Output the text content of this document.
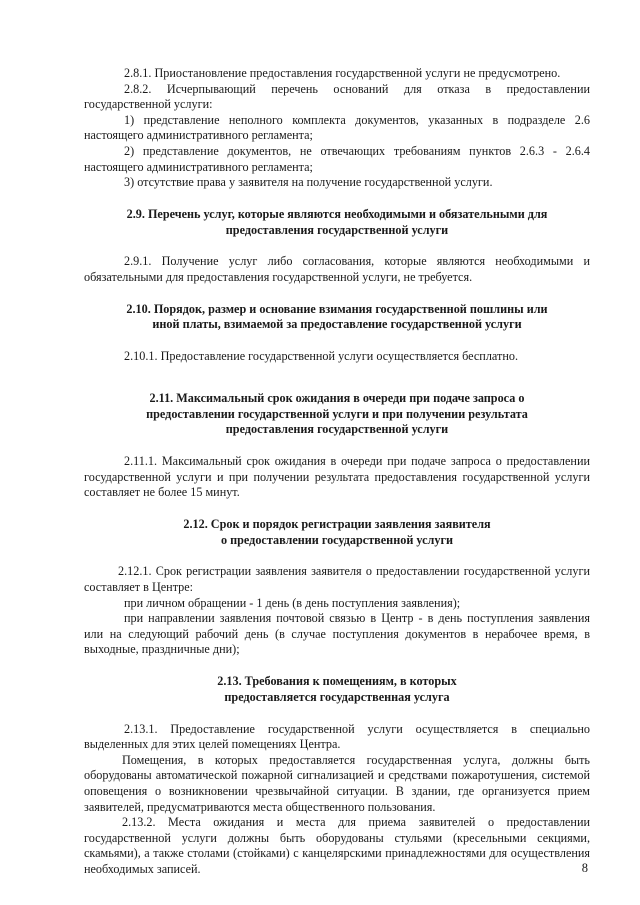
2.8.1. Приостановление предоставления государственной услуги не предусмотрено.

2.8.2. Исчерпывающий перечень оснований для отказа в предоставлении государственной услуги:

1) представление неполного комплекта документов, указанных в подразделе 2.6 настоящего административного регламента;

2) представление документов, не отвечающих требованиям пунктов 2.6.3 - 2.6.4 настоящего административного регламента;

3) отсутствие права у заявителя на получение государственной услуги.

2.9. Перечень услуг, которые являются необходимыми и обязательными для

предоставления государственной услуги

2.9.1. Получение услуг либо согласования, которые являются необходимыми и обязательными для предоставления государственной услуги, не требуется.

2.10. Порядок, размер и основание взимания государственной пошлины или

иной платы, взимаемой за предоставление государственной услуги

2.10.1. Предоставление государственной услуги осуществляется бесплатно.

2.11. Максимальный срок ожидания в очереди при подаче запроса о

предоставлении государственной услуги и при получении результата

предоставления государственной услуги

2.11.1. Максимальный срок ожидания в очереди при подаче запроса о предоставлении государственной услуги и при получении результата предоставления государственной услуги составляет не более 15 минут.

2.12. Срок и порядок регистрации заявления заявителя

о предоставлении государственной услуги

2.12.1. Срок регистрации заявления заявителя о предоставлении государственной услуги составляет в Центре:

при личном обращении - 1 день (в день поступления заявления);

при направлении заявления почтовой связью в Центр - в день поступления заявления или на следующий рабочий день (в случае поступления документов в нерабочее время, в выходные, праздничные дни);

2.13. Требования к помещениям, в которых

предоставляется государственная услуга

2.13.1. Предоставление государственной услуги осуществляется в специально выделенных для этих целей помещениях Центра.

Помещения, в которых предоставляется государственная услуга, должны быть оборудованы автоматической пожарной сигнализацией и средствами пожаротушения, системой оповещения о возникновении чрезвычайной ситуации. В здании, где организуется прием заявителей, предусматриваются места общественного пользования.

2.13.2. Места ожидания и места для приема заявителей о предоставлении государственной услуги должны быть оборудованы стульями (кресельными секциями, скамьями), а также столами (стойками) с канцелярскими принадлежностями для осуществления необходимых записей.	8
